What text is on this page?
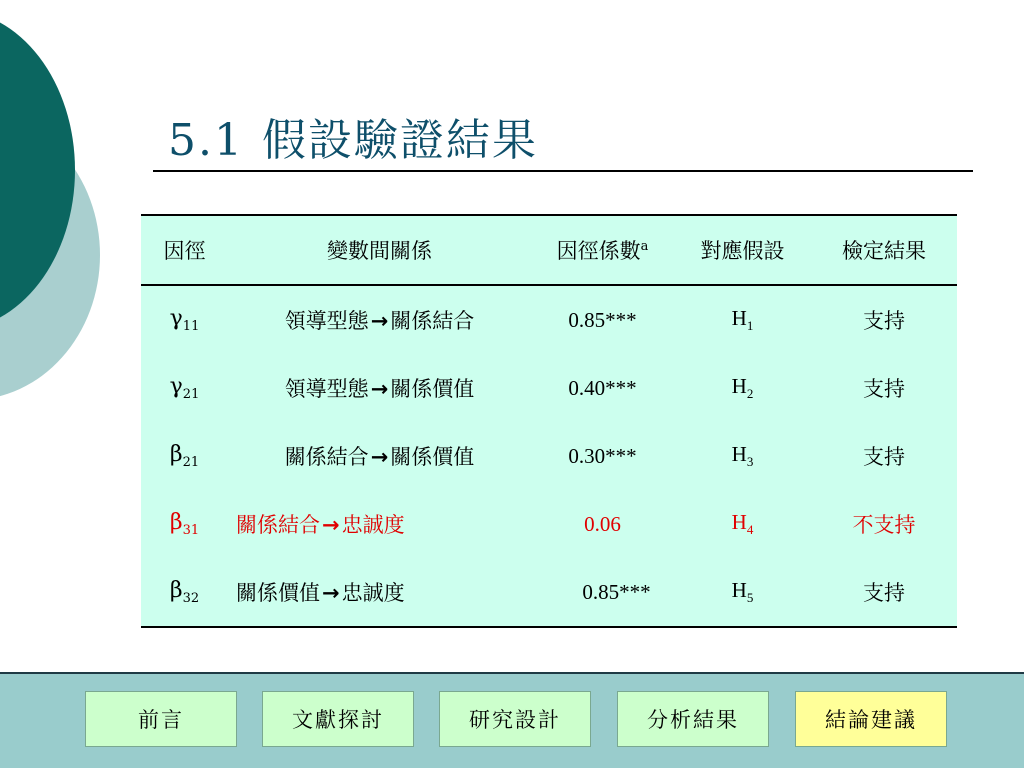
5.1 假設驗證結果
因徑	變數間關係	因徑係數$^a$	對應假設	檢定結果
$\gamma_{11}$	領導型態→關係結合	0.85***	$H_1$	支持
$\gamma_{21}$	領導型態→關係價值	0.40***	$H_2$	支持
$\beta_{21}$	關係結合→關係價值	0.30***	$H_3$	支持
$\beta_{31}$	關係結合→忠誠度	0.06	$H_4$	不支持
$\beta_{32}$	關係價值→忠誠度	0.85***	$H_5$	支持
前言	文獻探討	研究設計	分析結果	結論建議
